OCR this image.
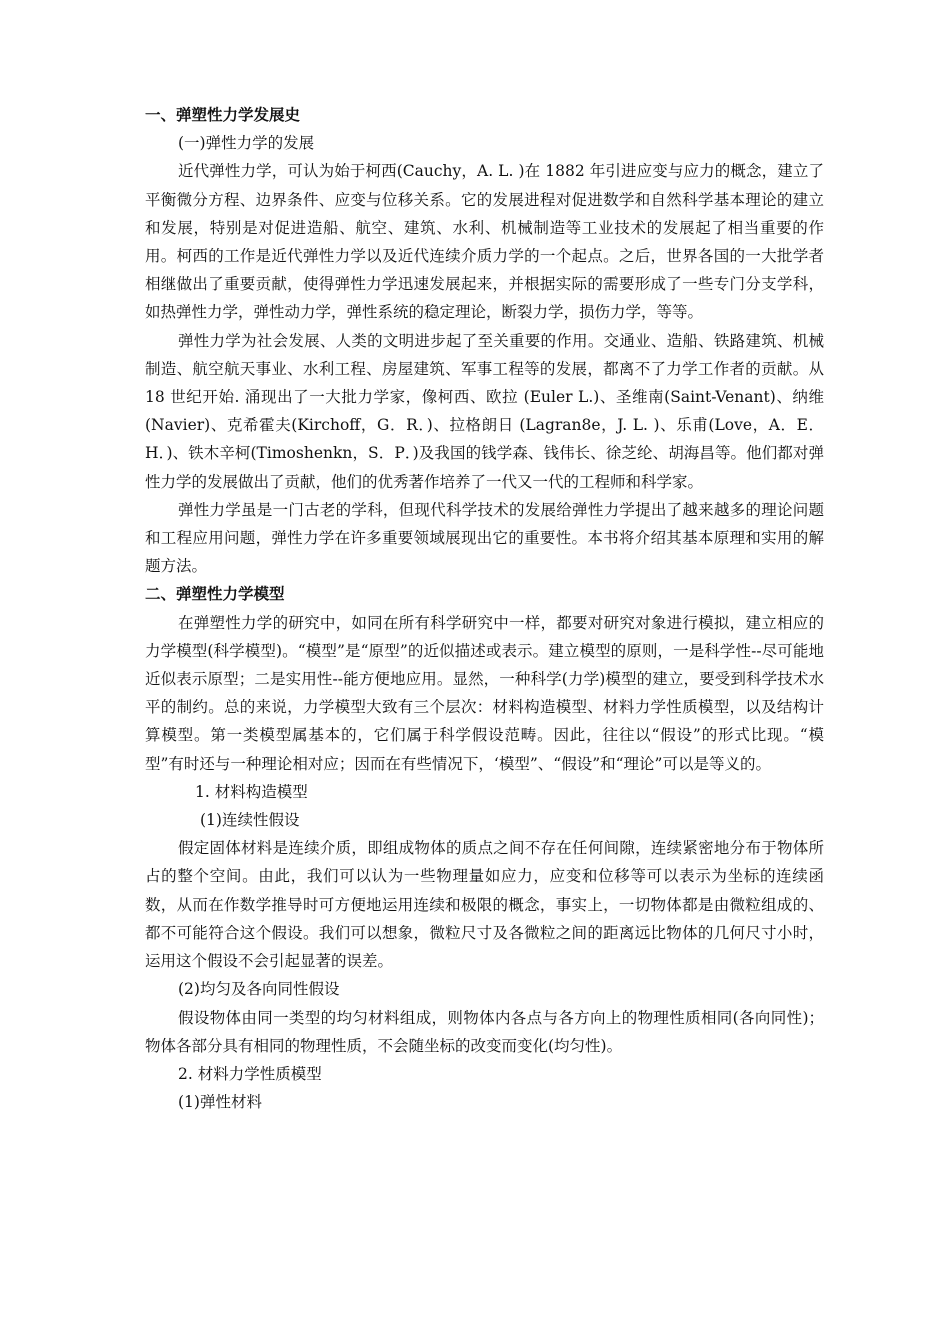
一、弹塑性力学发展史

(一)弹性力学的发展

近代弹性力学，可认为始于柯西(Cauchy，A. L. )在 1882 年引进应变与应力的概念，建立了平衡微分方程、边界条件、应变与位移关系。它的发展进程对促进数学和自然科学基本理论的建立和发展，特别是对促进造船、航空、建筑、水利、机械制造等工业技术的发展起了相当重要的作用。柯西的工作是近代弹性力学以及近代连续介质力学的一个起点。之后，世界各国的一大批学者相继做出了重要贡献，使得弹性力学迅速发展起来，并根据实际的需要形成了一些专门分支学科，如热弹性力学，弹性动力学，弹性系统的稳定理论，断裂力学，损伤力学，等等。

弹性力学为社会发展、人类的文明进步起了至关重要的作用。交通业、造船、铁路建筑、机械制造、航空航天事业、水利工程、房屋建筑、军事工程等的发展，都离不了力学工作者的贡献。从 18 世纪开始. 涌现出了一大批力学家，像柯西、欧拉 (Euler L.)、圣维南(Saint-Venant)、纳维(Navier)、克希霍夫(Kirchoff，G．R．)、拉格朗日 (Lagran8e，J. L. )、乐甫(Love，A．E．H．)、铁木辛柯(Timoshenkn，S．P．)及我国的钱学森、钱伟长、徐芝纶、胡海昌等。他们都对弹性力学的发展做出了贡献，他们的优秀著作培养了一代又一代的工程师和科学家。

弹性力学虽是一门古老的学科，但现代科学技术的发展给弹性力学提出了越来越多的理论问题和工程应用问题，弹性力学在许多重要领域展现出它的重要性。本书将介绍其基本原理和实用的解题方法。

二、弹塑性力学模型

在弹塑性力学的研究中，如同在所有科学研究中一样，都要对研究对象进行模拟，建立相应的力学模型(科学模型)。“模型”是“原型”的近似描述或表示。建立模型的原则，一是科学性--尽可能地近似表示原型；二是实用性--能方便地应用。显然，一种科学(力学)模型的建立，要受到科学技术水平的制约。总的来说，力学模型大致有三个层次：材料构造模型、材料力学性质模型，以及结构计算模型。第一类模型属基本的，它们属于科学假设范畴。因此，往往以“假设”的形式比现。“模型”有时还与一种理论相对应；因而在有些情况下，‘模型”、“假设”和“理论”可以是等义的。

1. 材料构造模型

(1)连续性假设

假定固体材料是连续介质，即组成物体的质点之间不存在任何间隙，连续紧密地分布于物体所占的整个空间。由此，我们可以认为一些物理量如应力，应变和位移等可以表示为坐标的连续函数，从而在作数学推导时可方便地运用连续和极限的概念，事实上，一切物体都是由微粒组成的、都不可能符合这个假设。我们可以想象，微粒尺寸及各微粒之间的距离远比物体的几何尺寸小时，运用这个假设不会引起显著的误差。

(2)均匀及各向同性假设

假设物体由同一类型的均匀材料组成，则物体内各点与各方向上的物理性质相同(各向同性)；物体各部分具有相同的物理性质，不会随坐标的改变而变化(均匀性)。

2. 材料力学性质模型

(1)弹性材料
